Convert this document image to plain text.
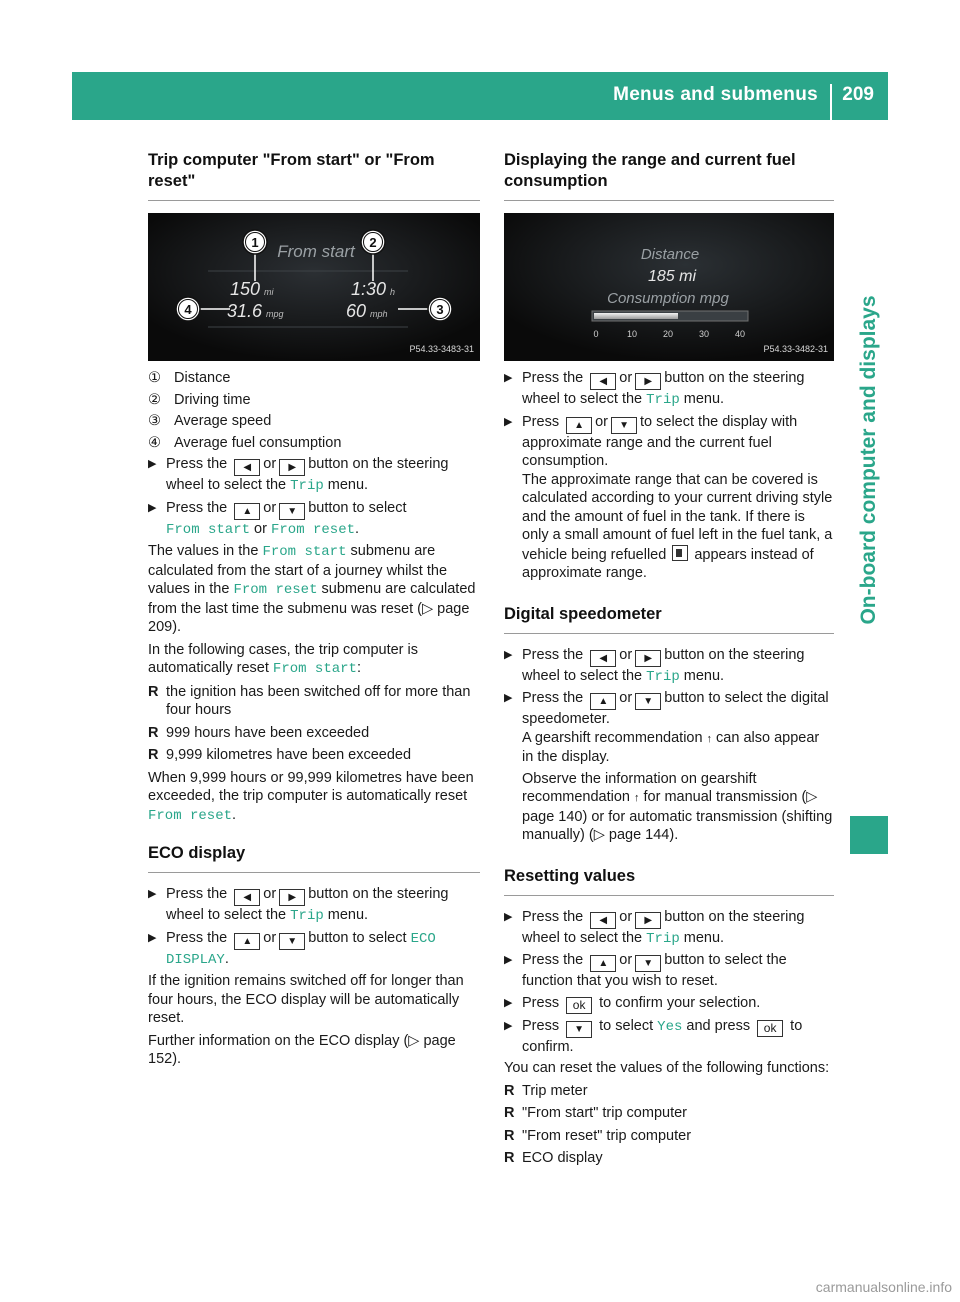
Menus and submenus 209
On-board computer and displays
Trip computer "From start" or "From reset"
From start
150 mi	1:30 h
31.6 mpg	60 mph
1	2
3
4
P54.33-3483-31
① Distance
② Driving time
③ Average speed
④ Average fuel consumption
▶ Press the ◀ or ▶ button on the steering wheel to select the Trip menu.
▶ Press the ▲ or ▼ button to select
From start or From reset.

The values in the From start submenu are calculated from the start of a journey whilst the values in the From reset submenu are calculated from the last time the submenu was reset (▷ page 209).

In the following cases, the trip computer is automatically reset From start:

R the ignition has been switched off for more than four hours
R 999 hours have been exceeded
R 9,999 kilometres have been exceeded

When 9,999 hours or 99,999 kilometres have been exceeded, the trip computer is automatically reset From reset.

ECO display
▶ Press the ◀ or ▶ button on the steering wheel to select the Trip menu.
▶ Press the ▲ or ▼ button to select ECO DISPLAY.

If the ignition remains switched off for longer than four hours, the ECO display will be automatically reset.

Further information on the ECO display (▷ page 152).

Displaying the range and current fuel consumption
Distance
185 mi
Consumption mpg
0	10	20	30	40
P54.33-3482-31
▶ Press the ◀ or ▶ button on the steering wheel to select the Trip menu.
▶ Press ▲ or ▼ to select the display with approximate range and the current fuel consumption.
The approximate range that can be covered is calculated according to your current driving style and the amount of fuel in the tank. If there is only a small amount of fuel left in the fuel tank, a vehicle being refuelled appears instead of approximate range.
Digital speedometer
▶ Press the ◀ or ▶ button on the steering wheel to select the Trip menu.
▶ Press the ▲ or ▼ button to select the digital speedometer.
A gearshift recommendation ↑ can also appear in the display.
Observe the information on gearshift recommendation ↑ for manual transmission (▷ page 140) or for automatic transmission (shifting manually) (▷ page 144).
Resetting values
▶ Press the ◀ or ▶ button on the steering wheel to select the Trip menu.
▶ Press the ▲ or ▼ button to select the function that you wish to reset.
▶ Press ok to confirm your selection.
▶ Press ▼ to select Yes and press ok to confirm.

You can reset the values of the following functions:

R Trip meter
R "From start" trip computer
R "From reset" trip computer
R ECO display
carmanualsonline.info
